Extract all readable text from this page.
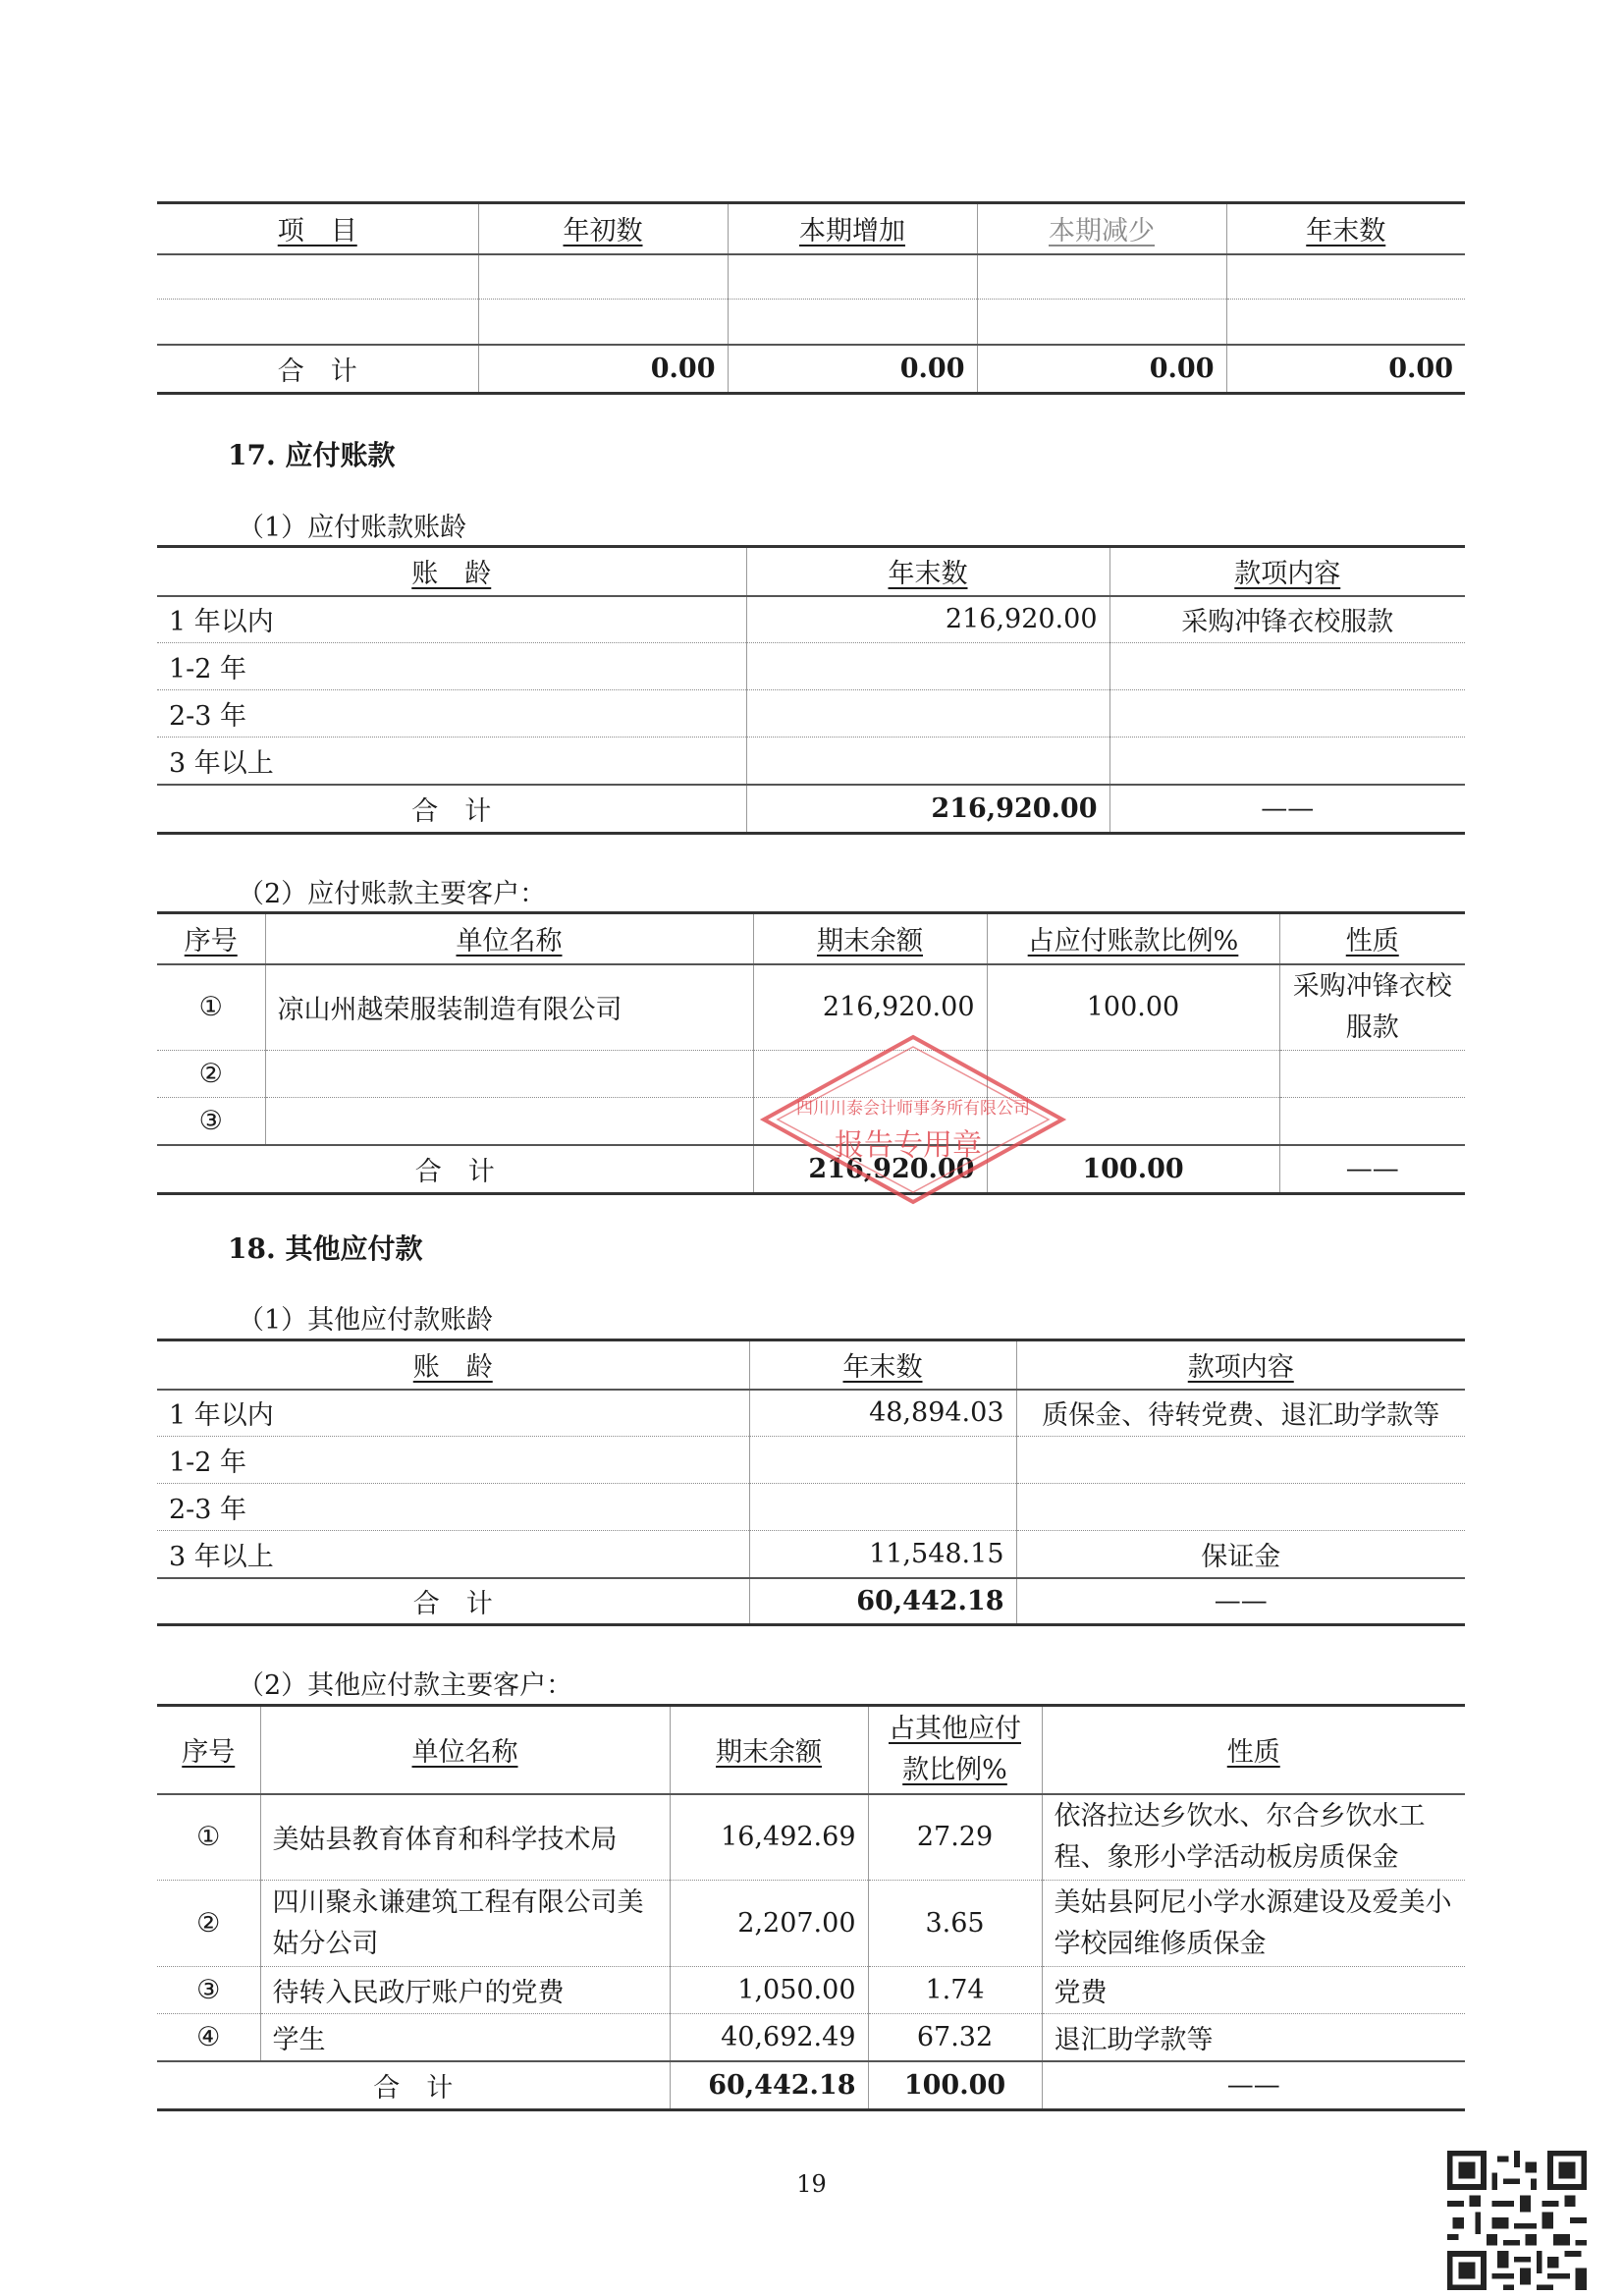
项　目	年初数	本期增加	本期减少	年末数

合　计	0.00	0.00	0.00	0.00
17. 应付账款
（1）应付账款账龄
账　龄	年末数	款项内容
1 年以内	216,920.00	采购冲锋衣校服款
1-2 年		
2-3 年		
3 年以上		
合　计	216,920.00	——
（2）应付账款主要客户：
序号	单位名称	期末余额	占应付账款比例%	性质
①	凉山州越荣服装制造有限公司	216,920.00	100.00	采购冲锋衣校服款
②				
③				
合　计		216,920.00	100.00	——
18. 其他应付款
（1）其他应付款账龄
账　龄	年末数	款项内容
1 年以内	48,894.03	质保金、待转党费、退汇助学款等
1-2 年		
2-3 年		
3 年以上	11,548.15	保证金
合　计	60,442.18	——
（2）其他应付款主要客户：
序号	单位名称	期末余额	占其他应付款比例%	性质
①	美姑县教育体育和科学技术局	16,492.69	27.29	依洛拉达乡饮水、尔合乡饮水工程、象形小学活动板房质保金
②	四川聚永谦建筑工程有限公司美姑分公司	2,207.00	3.65	美姑县阿尼小学水源建设及爱美小学校园维修质保金
③	待转入民政厅账户的党费	1,050.00	1.74	党费
④	学生	40,692.49	67.32	退汇助学款等
合　计		60,442.18	100.00	——
四川川泰会计师事务所有限公司
报告专用章
19
